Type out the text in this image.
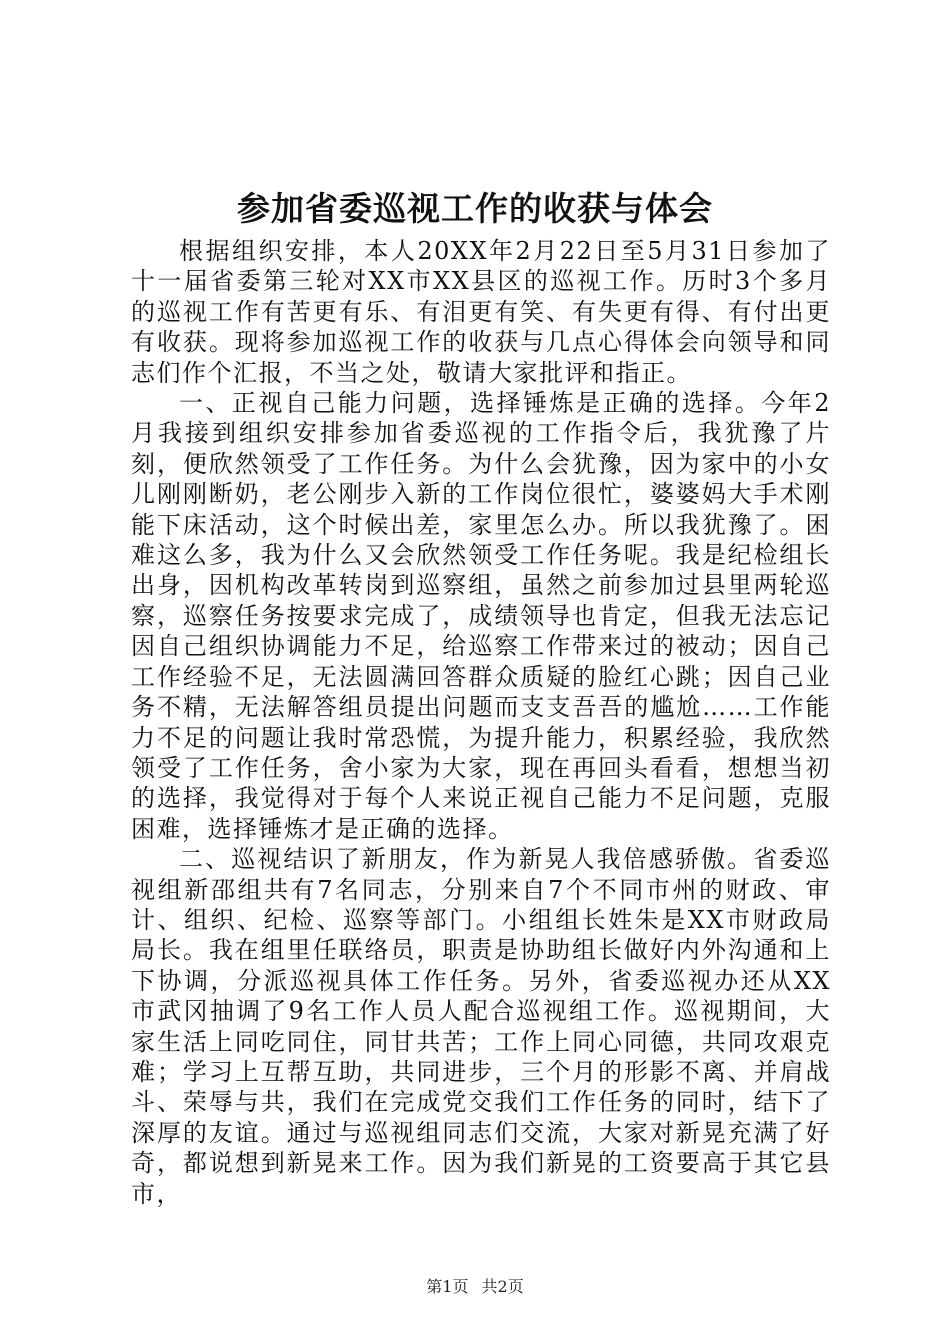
参加省委巡视工作的收获与体会

根据组织安排，本人20XX年2月22日至5月31日参加了十一届省委第三轮对XX市XX县区的巡视工作。历时3个多月的巡视工作有苦更有乐、有泪更有笑、有失更有得、有付出更有收获。现将参加巡视工作的收获与几点心得体会向领导和同志们作个汇报，不当之处，敬请大家批评和指正。

一、正视自己能力问题，选择锤炼是正确的选择。今年2月我接到组织安排参加省委巡视的工作指令后，我犹豫了片刻，便欣然领受了工作任务。为什么会犹豫，因为家中的小女儿刚刚断奶，老公刚步入新的工作岗位很忙，婆婆妈大手术刚能下床活动，这个时候出差，家里怎么办。所以我犹豫了。困难这么多，我为什么又会欣然领受工作任务呢。我是纪检组长出身，因机构改革转岗到巡察组，虽然之前参加过县里两轮巡察，巡察任务按要求完成了，成绩领导也肯定，但我无法忘记因自己组织协调能力不足，给巡察工作带来过的被动；因自己工作经验不足，无法圆满回答群众质疑的脸红心跳；因自己业务不精，无法解答组员提出问题而支支吾吾的尴尬……工作能力不足的问题让我时常恐慌，为提升能力，积累经验，我欣然领受了工作任务，舍小家为大家，现在再回头看看，想想当初的选择，我觉得对于每个人来说正视自己能力不足问题，克服困难，选择锤炼才是正确的选择。

二、巡视结识了新朋友，作为新晃人我倍感骄傲。省委巡视组新邵组共有7名同志，分别来自7个不同市州的财政、审计、组织、纪检、巡察等部门。小组组长姓朱是XX市财政局局长。我在组里任联络员，职责是协助组长做好内外沟通和上下协调，分派巡视具体工作任务。另外，省委巡视办还从XX市武冈抽调了9名工作人员人配合巡视组工作。巡视期间，大家生活上同吃同住，同甘共苦；工作上同心同德，共同攻艰克难；学习上互帮互助，共同进步，三个月的形影不离、并肩战斗、荣辱与共，我们在完成党交我们工作任务的同时，结下了深厚的友谊。通过与巡视组同志们交流，大家对新晃充满了好奇，都说想到新晃来工作。因为我们新晃的工资要高于其它县市，

第1页 共2页
